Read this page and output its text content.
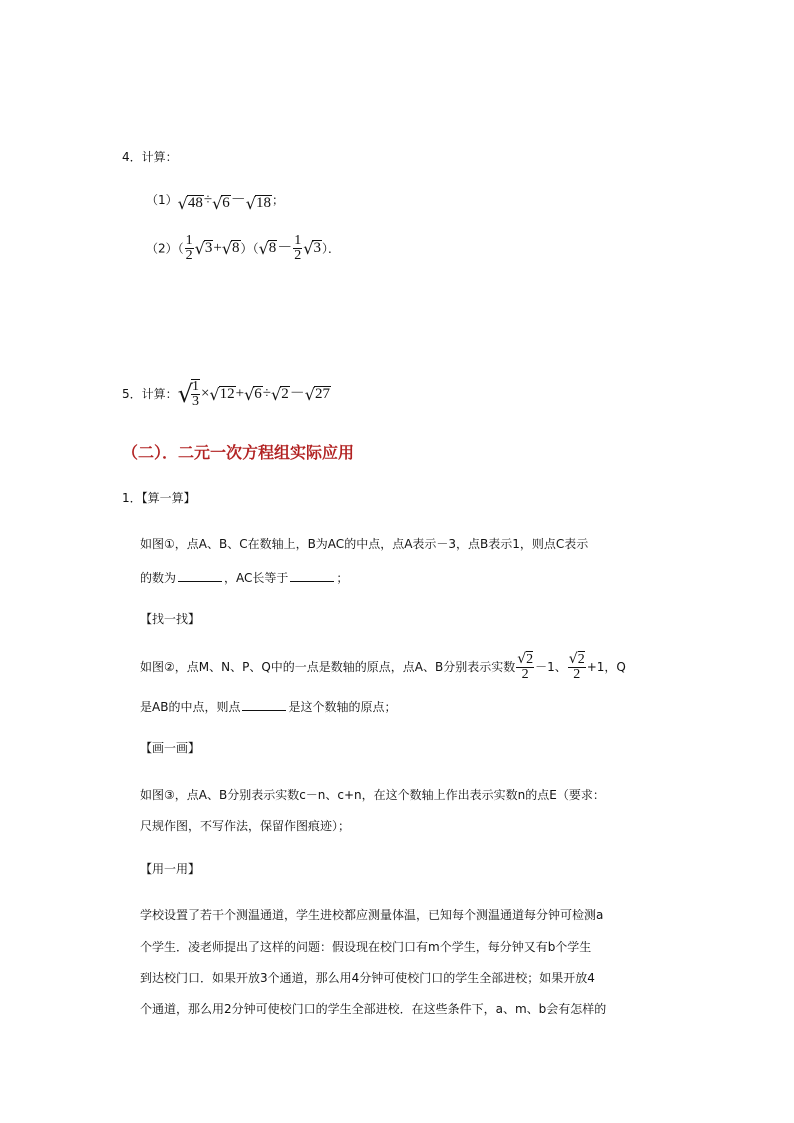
4．计算：
（1）√48÷√6－√18；
$(2)( \frac{1}{2} √3+√8)(√8- \frac{1}{2} √3)$．
5．计算：√
$\frac{1}{3} \times√12+√6\div√2-√27$
（二）．二元一次方程组实际应用
1．【算一算】
如图①，点A、B、C在数轴上，B为AC的中点，点A表示－3，点B表示1，则点C表示
的数为	，AC长等于	；
【找一找】
如图②，点M、N、P、Q中的一点是数轴的原点，点A、B分别表示实数 $\frac{√2}{2} -1$、 $\frac{√2}{2} +1$，Q
是AB的中点，则点	是这个数轴的原点；
【画一画】
如图③，点A、B分别表示实数c－n、c+n，在这个数轴上作出表示实数n的点E（要求：
尺规作图，不写作法，保留作图痕迹）；
【用一用】
学校设置了若干个测温通道，学生进校都应测量体温，已知每个测温通道每分钟可检测a
个学生．凌老师提出了这样的问题：假设现在校门口有m个学生，每分钟又有b个学生
到达校门口．如果开放3个通道，那么用4分钟可使校门口的学生全部进校；如果开放4
个通道，那么用2分钟可使校门口的学生全部进校．在这些条件下，a、m、b会有怎样的
